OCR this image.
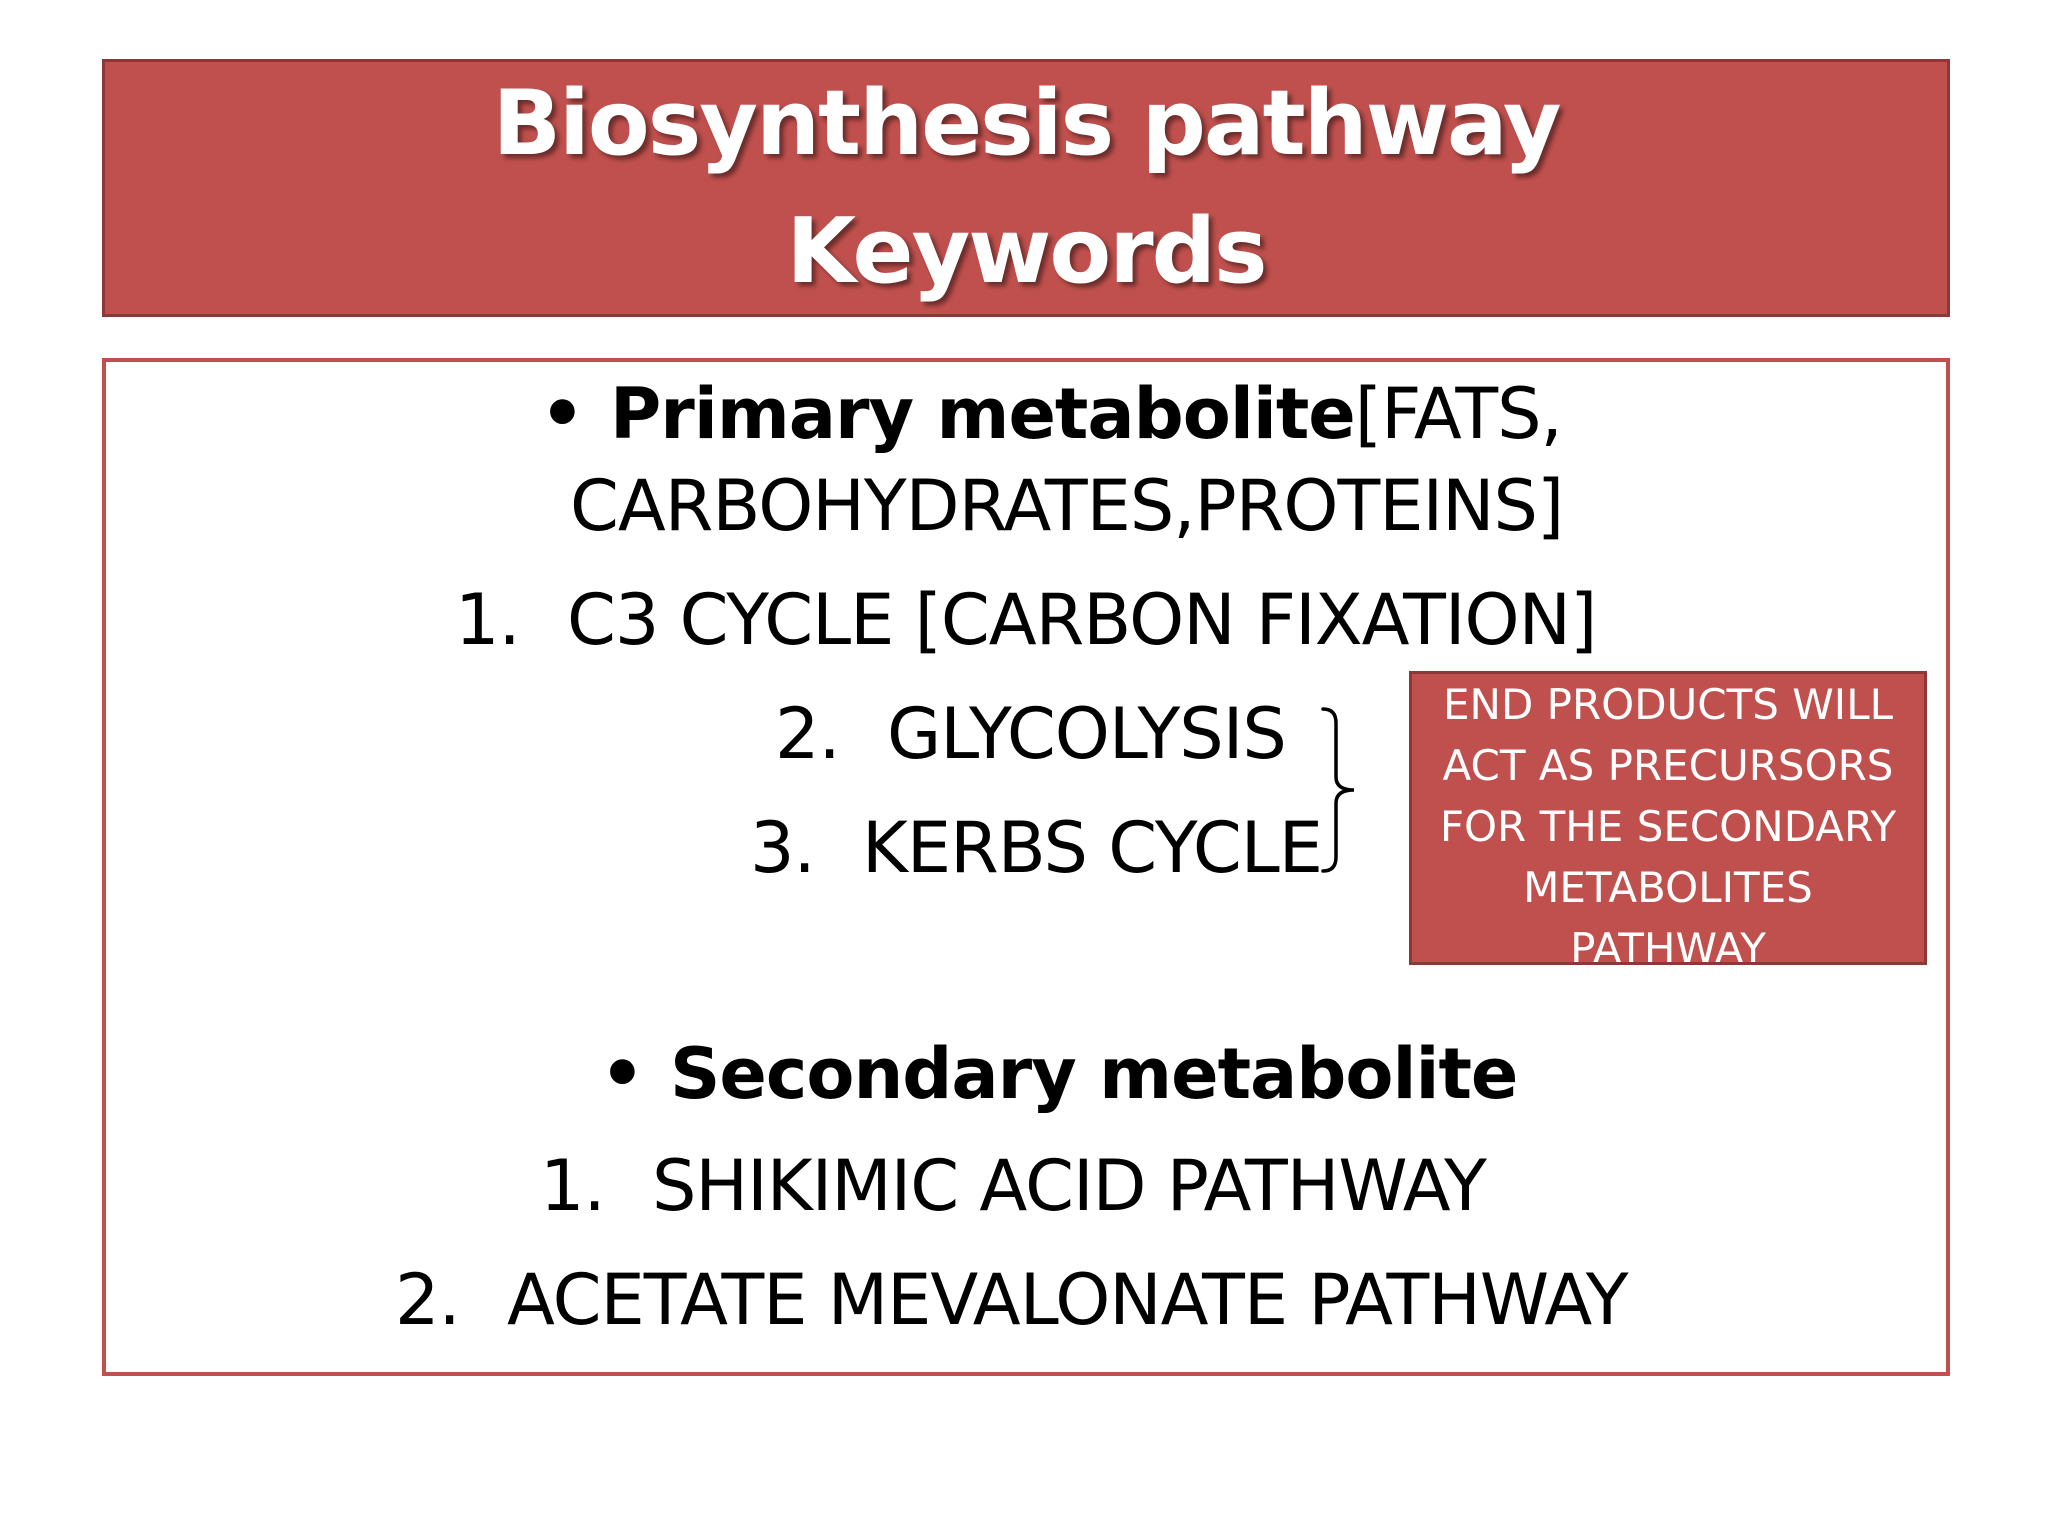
Biosynthesis pathway
Keywords
• Primary metabolite[FATS,
CARBOHYDRATES,PROTEINS]
1. C3 CYCLE [CARBON FIXATION]
2. GLYCOLYSIS
3. KERBS CYCLE
END PRODUCTS WILL
ACT AS PRECURSORS
FOR THE SECONDARY
METABOLITES
PATHWAY
• Secondary metabolite
1. SHIKIMIC ACID PATHWAY
2. ACETATE MEVALONATE PATHWAY
